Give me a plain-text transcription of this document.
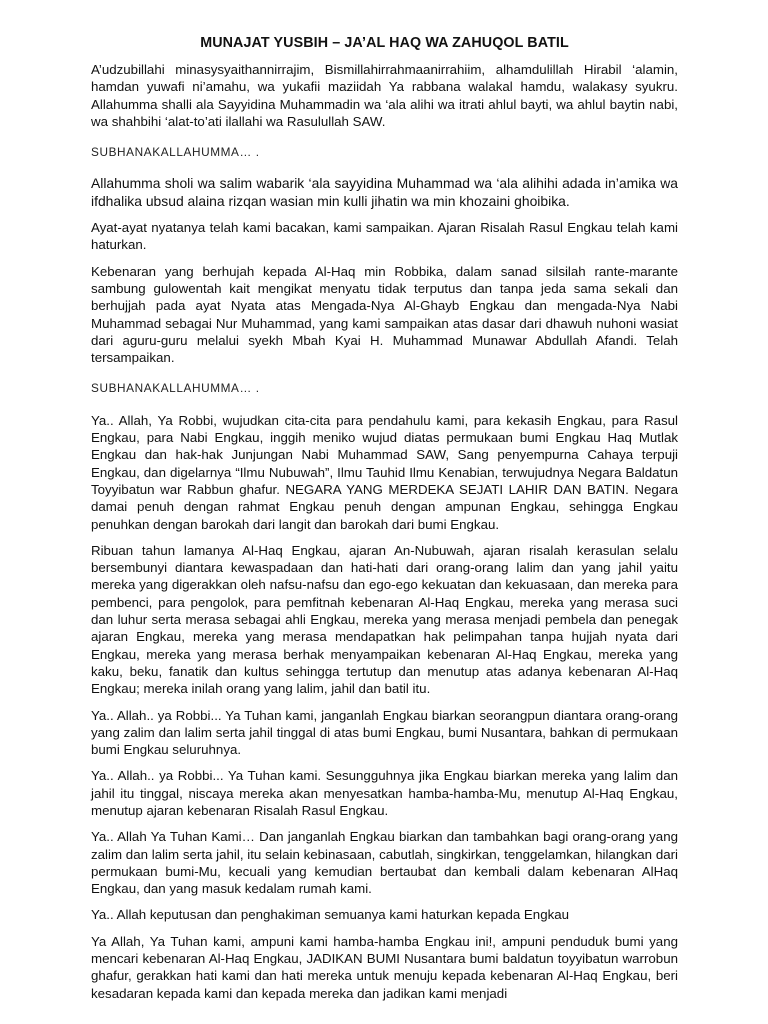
MUNAJAT YUSBIH – JA’AL HAQ WA ZAHUQOL BATIL

A’udzubillahi minasysyaithannirrajim, Bismillahirrahmaanirrahiim, alhamdulillah Hirabil ‘alamin, hamdan yuwafi ni’amahu, wa yukafii maziidah Ya rabbana walakal hamdu, walakasy syukru. Allahumma shalli ala Sayyidina Muhammadin wa ‘ala alihi wa itrati ahlul bayti, wa ahlul baytin nabi, wa shahbihi ‘alat-to’ati ilallahi wa Rasulullah SAW.

SUBHANAKALLAHUMMA… .

Allahumma sholi wa salim wabarik ‘ala sayyidina Muhammad wa ‘ala alihihi adada in’amika wa ifdhalika ubsud alaina rizqan wasian min kulli jihatin wa min khozaini ghoibika.

Ayat-ayat nyatanya telah kami bacakan, kami sampaikan. Ajaran Risalah Rasul Engkau telah kami haturkan.

Kebenaran yang berhujah kepada Al-Haq min Robbika, dalam sanad silsilah rante-marante sambung gulowentah kait mengikat menyatu tidak terputus dan tanpa jeda sama sekali dan berhujjah pada ayat Nyata atas Mengada-Nya Al-Ghayb Engkau dan mengada-Nya Nabi Muhammad sebagai Nur Muhammad, yang kami sampaikan atas dasar dari dhawuh nuhoni wasiat dari aguru-guru melalui syekh Mbah Kyai H. Muhammad Munawar Abdullah Afandi. Telah tersampaikan.

SUBHANAKALLAHUMMA… .

Ya.. Allah, Ya Robbi, wujudkan cita-cita para pendahulu kami, para kekasih Engkau, para Rasul Engkau, para Nabi Engkau, inggih meniko wujud diatas permukaan bumi Engkau Haq Mutlak Engkau dan hak-hak Junjungan Nabi Muhammad SAW, Sang penyempurna Cahaya terpuji Engkau, dan digelarnya “Ilmu Nubuwah”, Ilmu Tauhid Ilmu Kenabian, terwujudnya Negara Baldatun Toyyibatun war Rabbun ghafur. NEGARA YANG MERDEKA SEJATI LAHIR DAN BATIN. Negara damai penuh dengan rahmat Engkau penuh dengan ampunan Engkau, sehingga Engkau penuhkan dengan barokah dari langit dan barokah dari bumi Engkau.

Ribuan tahun lamanya Al-Haq Engkau, ajaran An-Nubuwah, ajaran risalah kerasulan selalu bersembunyi diantara kewaspadaan dan hati-hati dari orang-orang lalim dan yang jahil yaitu mereka yang digerakkan oleh nafsu-nafsu dan ego-ego kekuatan dan kekuasaan, dan mereka para pembenci, para pengolok, para pemfitnah kebenaran Al-Haq Engkau, mereka yang merasa suci dan luhur serta merasa sebagai ahli Engkau, mereka yang merasa menjadi pembela dan penegak ajaran Engkau, mereka yang merasa mendapatkan hak pelimpahan tanpa hujjah nyata dari Engkau, mereka yang merasa berhak menyampaikan kebenaran Al-Haq Engkau, mereka yang kaku, beku, fanatik dan kultus sehingga tertutup dan menutup atas adanya kebenaran Al-Haq Engkau; mereka inilah orang yang lalim, jahil dan batil itu.

Ya.. Allah.. ya Robbi... Ya Tuhan kami, janganlah Engkau biarkan seorangpun diantara orang-orang yang zalim dan lalim serta jahil tinggal di atas bumi Engkau, bumi Nusantara, bahkan di permukaan bumi Engkau seluruhnya.

Ya.. Allah.. ya Robbi... Ya Tuhan kami. Sesungguhnya jika Engkau biarkan mereka yang lalim dan jahil itu tinggal, niscaya mereka akan menyesatkan hamba-hamba-Mu, menutup Al-Haq Engkau, menutup ajaran kebenaran Risalah Rasul Engkau.

Ya.. Allah Ya Tuhan Kami… Dan janganlah Engkau biarkan dan tambahkan bagi orang-orang yang zalim dan lalim serta jahil, itu selain kebinasaan, cabutlah, singkirkan, tenggelamkan, hilangkan dari permukaan bumi-Mu, kecuali yang kemudian bertaubat dan kembali dalam kebenaran AlHaq Engkau, dan yang masuk kedalam rumah kami.

Ya.. Allah keputusan dan penghakiman semuanya kami haturkan kepada Engkau

Ya Allah, Ya Tuhan kami, ampuni kami hamba-hamba Engkau ini!, ampuni penduduk bumi yang mencari kebenaran Al-Haq Engkau, JADIKAN BUMI Nusantara bumi baldatun toyyibatun warrobun ghafur, gerakkan hati kami dan hati mereka untuk menuju kepada kebenaran Al-Haq Engkau, beri kesadaran kepada kami dan kepada mereka dan jadikan kami menjadi
